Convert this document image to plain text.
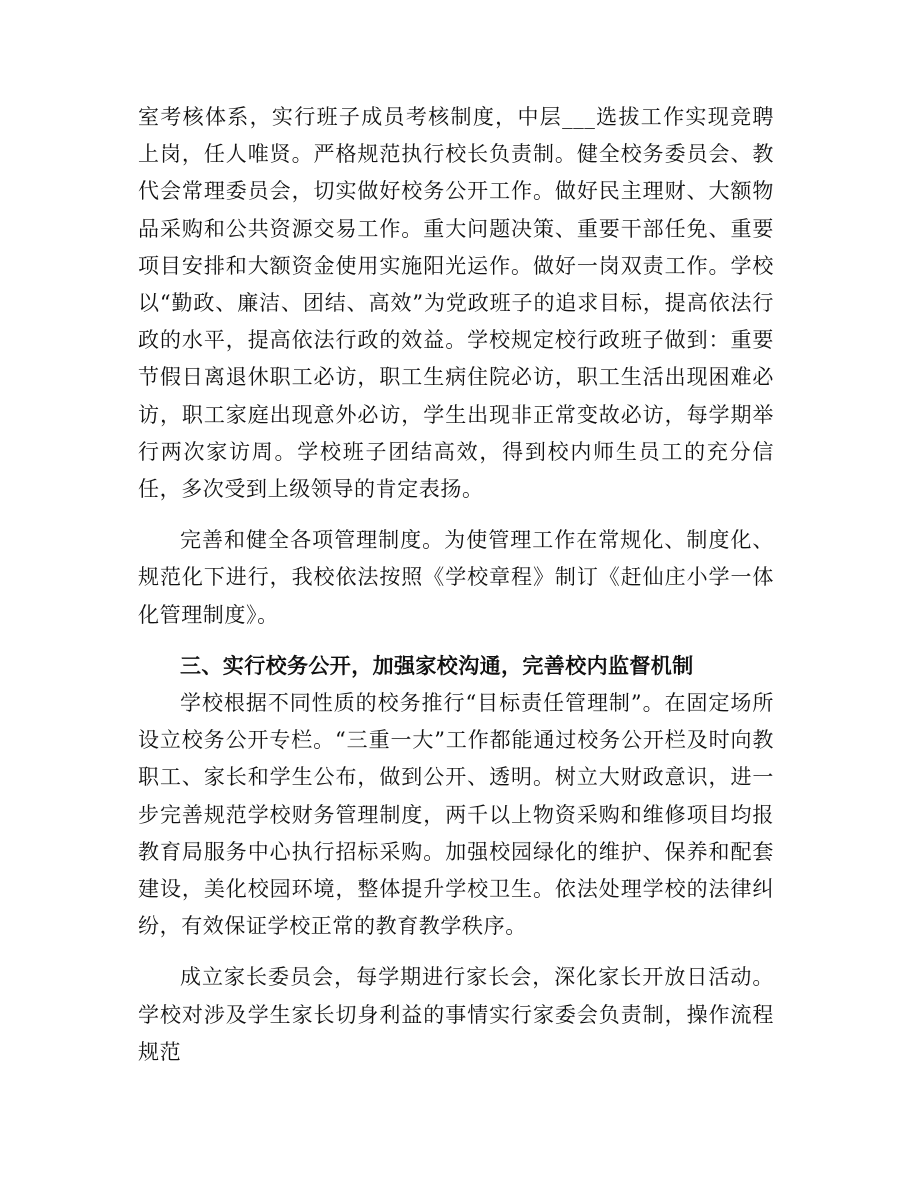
室考核体系，实行班子成员考核制度，中层___选拔工作实现竞聘上岗，任人唯贤。严格规范执行校长负责制。健全校务委员会、教代会常理委员会，切实做好校务公开工作。做好民主理财、大额物品采购和公共资源交易工作。重大问题决策、重要干部任免、重要项目安排和大额资金使用实施阳光运作。做好一岗双责工作。学校以“勤政、廉洁、团结、高效”为党政班子的追求目标，提高依法行政的水平，提高依法行政的效益。学校规定校行政班子做到：重要节假日离退休职工必访，职工生病住院必访，职工生活出现困难必访，职工家庭出现意外必访，学生出现非正常变故必访，每学期举行两次家访周。学校班子团结高效，得到校内师生员工的充分信任，多次受到上级领导的肯定表扬。

完善和健全各项管理制度。为使管理工作在常规化、制度化、规范化下进行，我校依法按照《学校章程》制订《赶仙庄小学一体化管理制度》。

三、实行校务公开，加强家校沟通，完善校内监督机制

学校根据不同性质的校务推行“目标责任管理制”。在固定场所设立校务公开专栏。“三重一大”工作都能通过校务公开栏及时向教职工、家长和学生公布，做到公开、透明。树立大财政意识，进一步完善规范学校财务管理制度，两千以上物资采购和维修项目均报教育局服务中心执行招标采购。加强校园绿化的维护、保养和配套建设，美化校园环境，整体提升学校卫生。依法处理学校的法律纠纷，有效保证学校正常的教育教学秩序。

成立家长委员会，每学期进行家长会，深化家长开放日活动。学校对涉及学生家长切身利益的事情实行家委会负责制，操作流程规范
